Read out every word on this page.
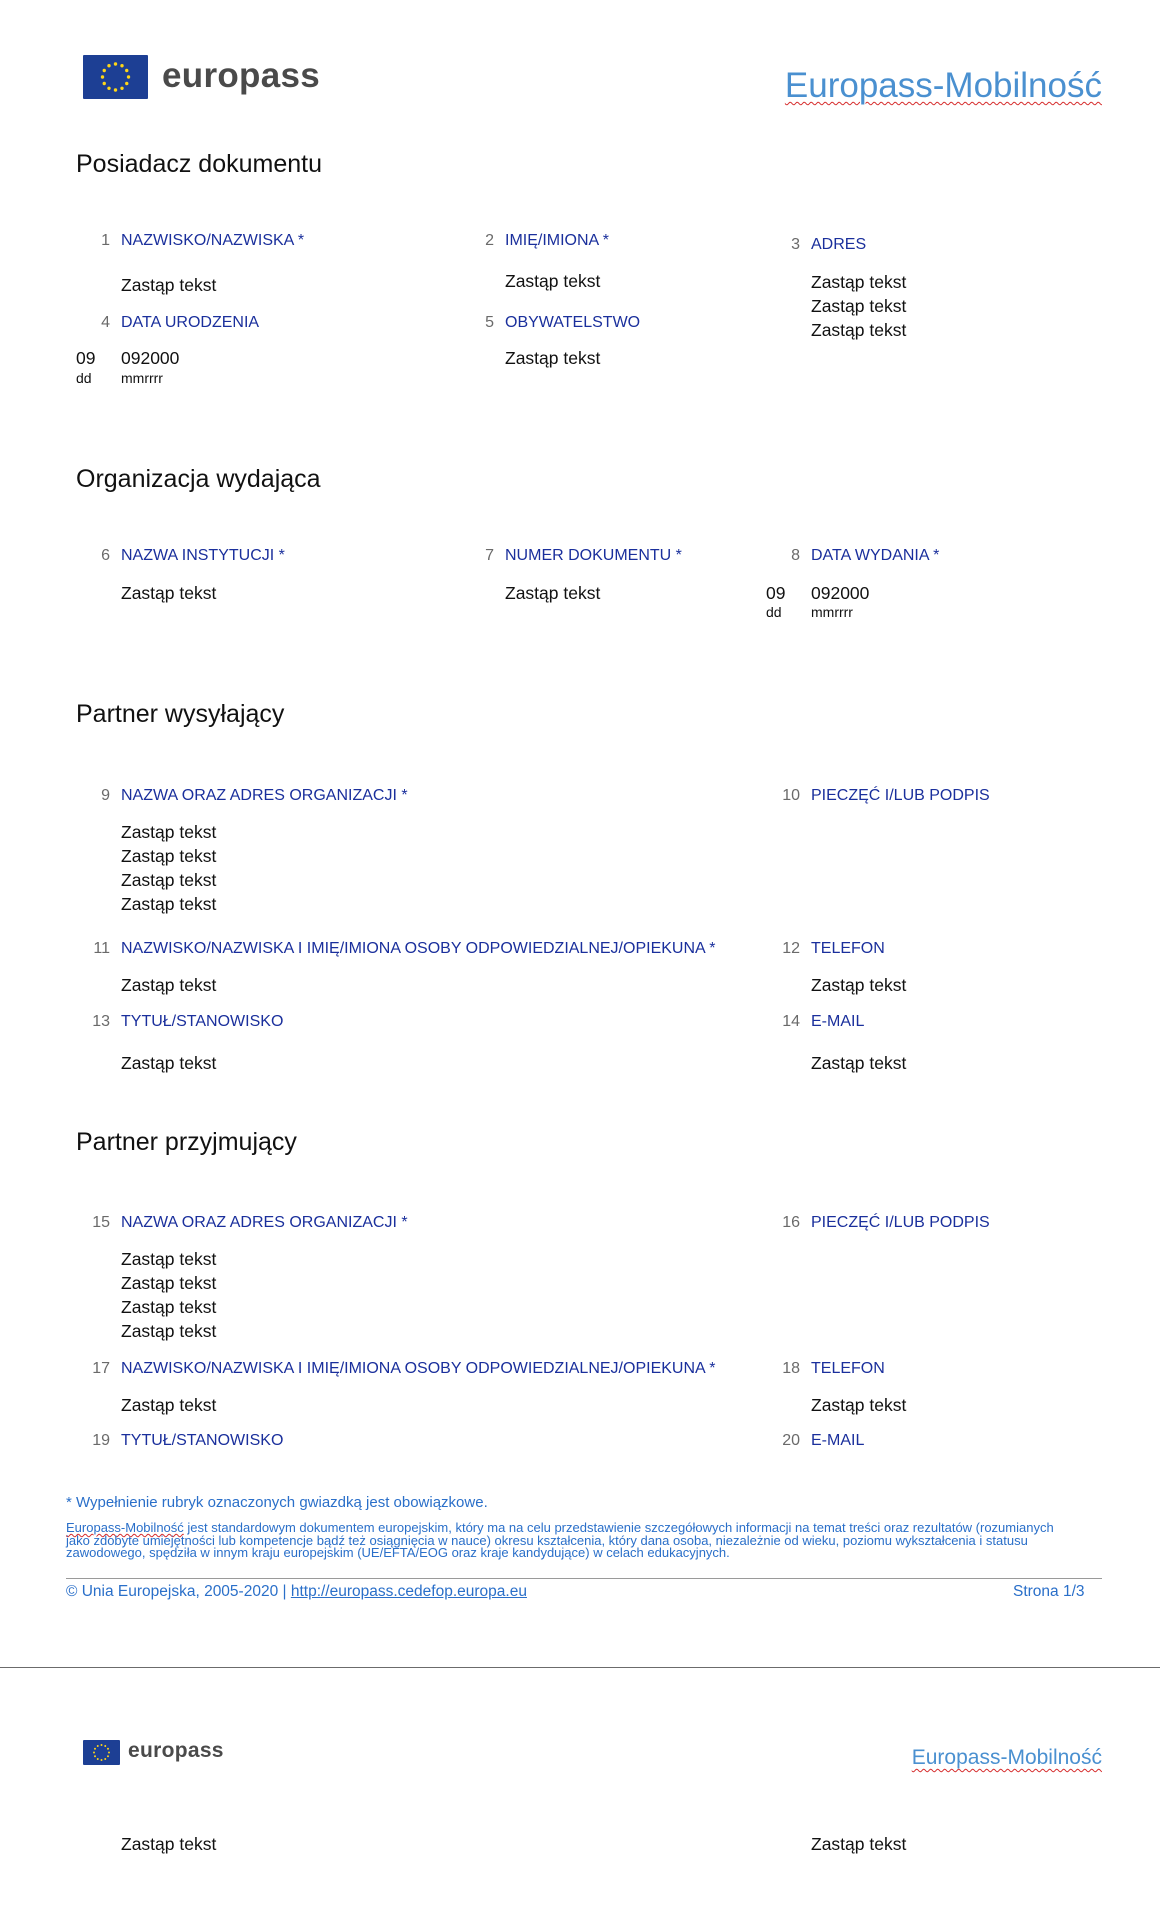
europass	Europass-Mobilność
Posiadacz dokumentu
1 NAZWISKO/NAZWISKA *
Zastąp tekst
2 IMIĘ/IMIONA *
Zastąp tekst
3 ADRES
Zastąp tekst
Zastąp tekst
Zastąp tekst
4 DATA URODZENIA
09 092000
dd mmrrrr
5 OBYWATELSTWO
Zastąp tekst
Organizacja wydająca
6 NAZWA INSTYTUCJI *
Zastąp tekst
7 NUMER DOKUMENTU *
Zastąp tekst
8 DATA WYDANIA *
09 092000
dd mmrrrr
Partner wysyłający
9 NAZWA ORAZ ADRES ORGANIZACJI *
Zastąp tekst
Zastąp tekst
Zastąp tekst
Zastąp tekst
10 PIECZĘĆ I/LUB PODPIS
11 NAZWISKO/NAZWISKA I IMIĘ/IMIONA OSOBY ODPOWIEDZIALNEJ/OPIEKUNA *
Zastąp tekst
12 TELEFON
Zastąp tekst
13 TYTUŁ/STANOWISKO
Zastąp tekst
14 E-MAIL
Zastąp tekst
Partner przyjmujący
15 NAZWA ORAZ ADRES ORGANIZACJI *
Zastąp tekst
Zastąp tekst
Zastąp tekst
Zastąp tekst
16 PIECZĘĆ I/LUB PODPIS
17 NAZWISKO/NAZWISKA I IMIĘ/IMIONA OSOBY ODPOWIEDZIALNEJ/OPIEKUNA *
Zastąp tekst
18 TELEFON
Zastąp tekst
19 TYTUŁ/STANOWISKO	20 E-MAIL
* Wypełnienie rubryk oznaczonych gwiazdką jest obowiązkowe.
Europass-Mobilność jest standardowym dokumentem europejskim, który ma na celu przedstawienie szczegółowych informacji na temat treści oraz rezultatów (rozumianych jako zdobyte umiejętności lub kompetencje bądź też osiągnięcia w nauce) okresu kształcenia, który dana osoba, niezależnie od wieku, poziomu wykształcenia i statusu zawodowego, spędziła w innym kraju europejskim (UE/EFTA/EOG oraz kraje kandydujące) w celach edukacyjnych.
© Unia Europejska, 2005-2020 | http://europass.cedefop.europa.eu	Strona 1/3
europass	Europass-Mobilność
Zastąp tekst	Zastąp tekst
